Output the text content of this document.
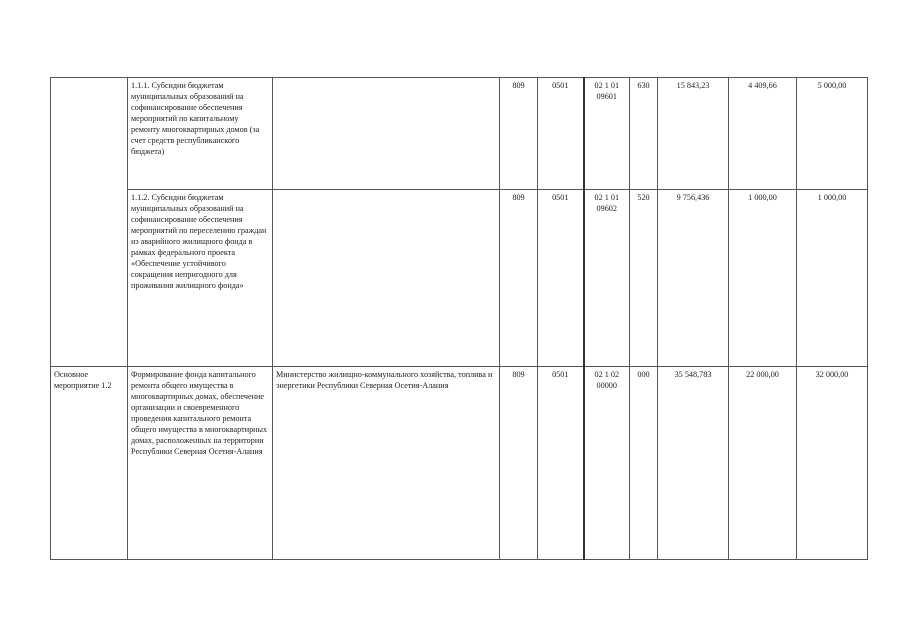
	1.1.1. Субсидии бюджетам муниципальных образований на софинансирование обеспечения мероприятий по капитальному ремонту многоквартирных домов (за счет средств республиканского бюджета)		809	0501	02 1 01 09601	630	15 843,23	4 409,66	5 000,00
	1.1.2. Субсидии бюджетам муниципальных образований на софинансирование обеспечения мероприятий по переселению граждан из аварийного жилищного фонда в рамках федерального проекта «Обеспечение устойчивого сокращения непригодного для проживания жилищного фонда»		809	0501	02 1 01 09602	520	9 756,436	1 000,00	1 000,00
Основное мероприятие 1.2	Формирование фонда капитального ремонта общего имущества в многоквартирных домах, обеспечение организации и своевременного проведения капитального ремонта общего имущества в многоквартирных домах, расположенных на территории Республики Северная Осетия-Алания	Министерство жилищно-коммунального хозяйства, топлива и энергетики Республики Северная Осетия-Алания	809	0501	02 1 02 00000	000	35 548,783	22 000,00	32 000,00
